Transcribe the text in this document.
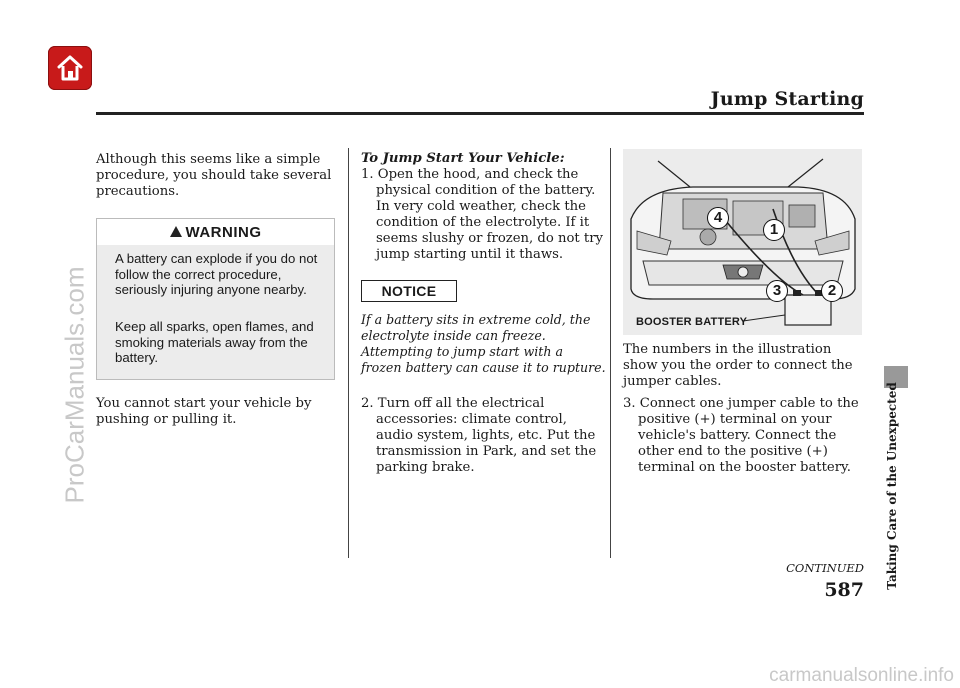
Jump Starting
Although this seems like a simple procedure, you should take several precautions.
WARNING
A battery can explode if you do not follow the correct procedure, seriously injuring anyone nearby.
Keep all sparks, open flames, and smoking materials away from the battery.
You cannot start your vehicle by pushing or pulling it.
To Jump Start Your Vehicle:
1. Open the hood, and check the
physical condition of the battery. In very cold weather, check the condition of the electrolyte. If it seems slushy or frozen, do not try jump starting until it thaws.
NOTICE
If a battery sits in extreme cold, the electrolyte inside can freeze. Attempting to jump start with a frozen battery can cause it to rupture.
2. Turn off all the electrical
accessories: climate control, audio system, lights, etc. Put the transmission in Park, and set the parking brake.
4
1
3	2
BOOSTER BATTERY
The numbers in the illustration show you the order to connect the jumper cables.
3. Connect one jumper cable to the
positive (+) terminal on your vehicle's battery. Connect the other end to the positive (+) terminal on the booster battery.	Taking Care of the Unexpected
CONTINUED
587
ProCarManuals.com
carmanualsonline.info
